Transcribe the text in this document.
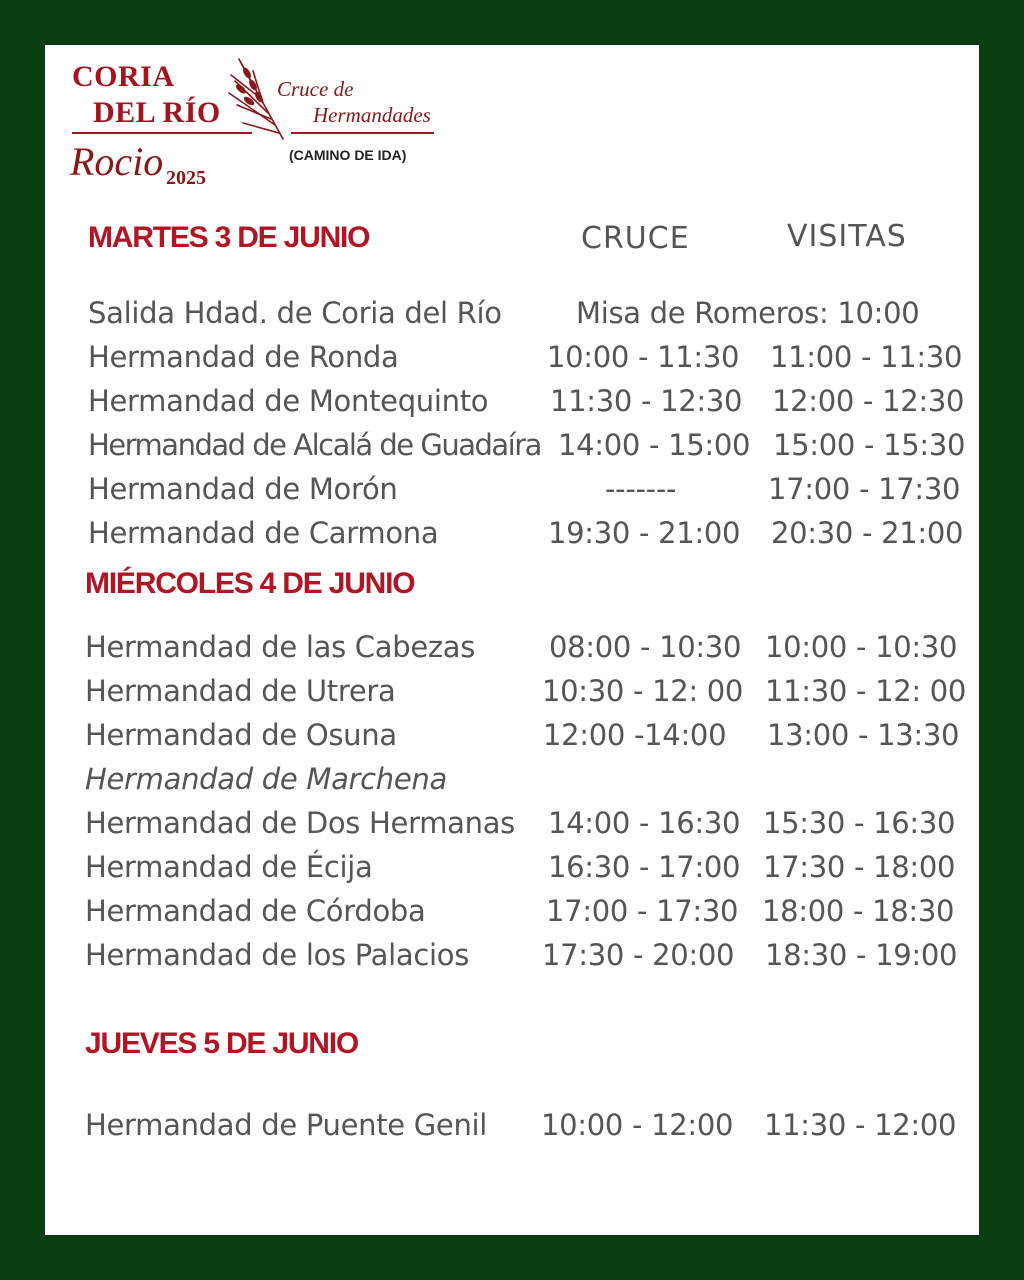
CORIA
DEL RÍO
Rocio 2025
Cruce de
Hermandades
(CAMINO DE IDA)
CRUCE	VISITAS
MARTES 3 DE JUNIO
Salida Hdad. de Coria del Río	Misa de Romeros: 10:00
Hermandad de Ronda	10:00 - 11:30 11:00 - 11:30
Hermandad de Montequinto 11:30 - 12:30 12:00 - 12:30
Hermandad de Alcalá de Guadaíra 14:00 - 15:00 15:00 - 15:30
Hermandad de Morón	-------	17:00 - 17:30
Hermandad de Carmona	19:30 - 21:00 20:30 - 21:00
MIÉRCOLES 4 DE JUNIO
Hermandad de las Cabezas	08:00 - 10:30 10:00 - 10:30
Hermandad de Utrera	10:30 - 12: 00 11:30 - 12: 00
Hermandad de Osuna	12:00 -14:00 13:00 - 13:30
Hermandad de Marchena
Hermandad de Dos Hermanas 14:00 - 16:30 15:30 - 16:30
Hermandad de Écija	16:30 - 17:00 17:30 - 18:00
Hermandad de Córdoba	17:00 - 17:30 18:00 - 18:30
Hermandad de los Palacios	17:30 - 20:00 18:30 - 19:00
JUEVES 5 DE JUNIO
Hermandad de Puente Genil 10:00 - 12:00 11:30 - 12:00
